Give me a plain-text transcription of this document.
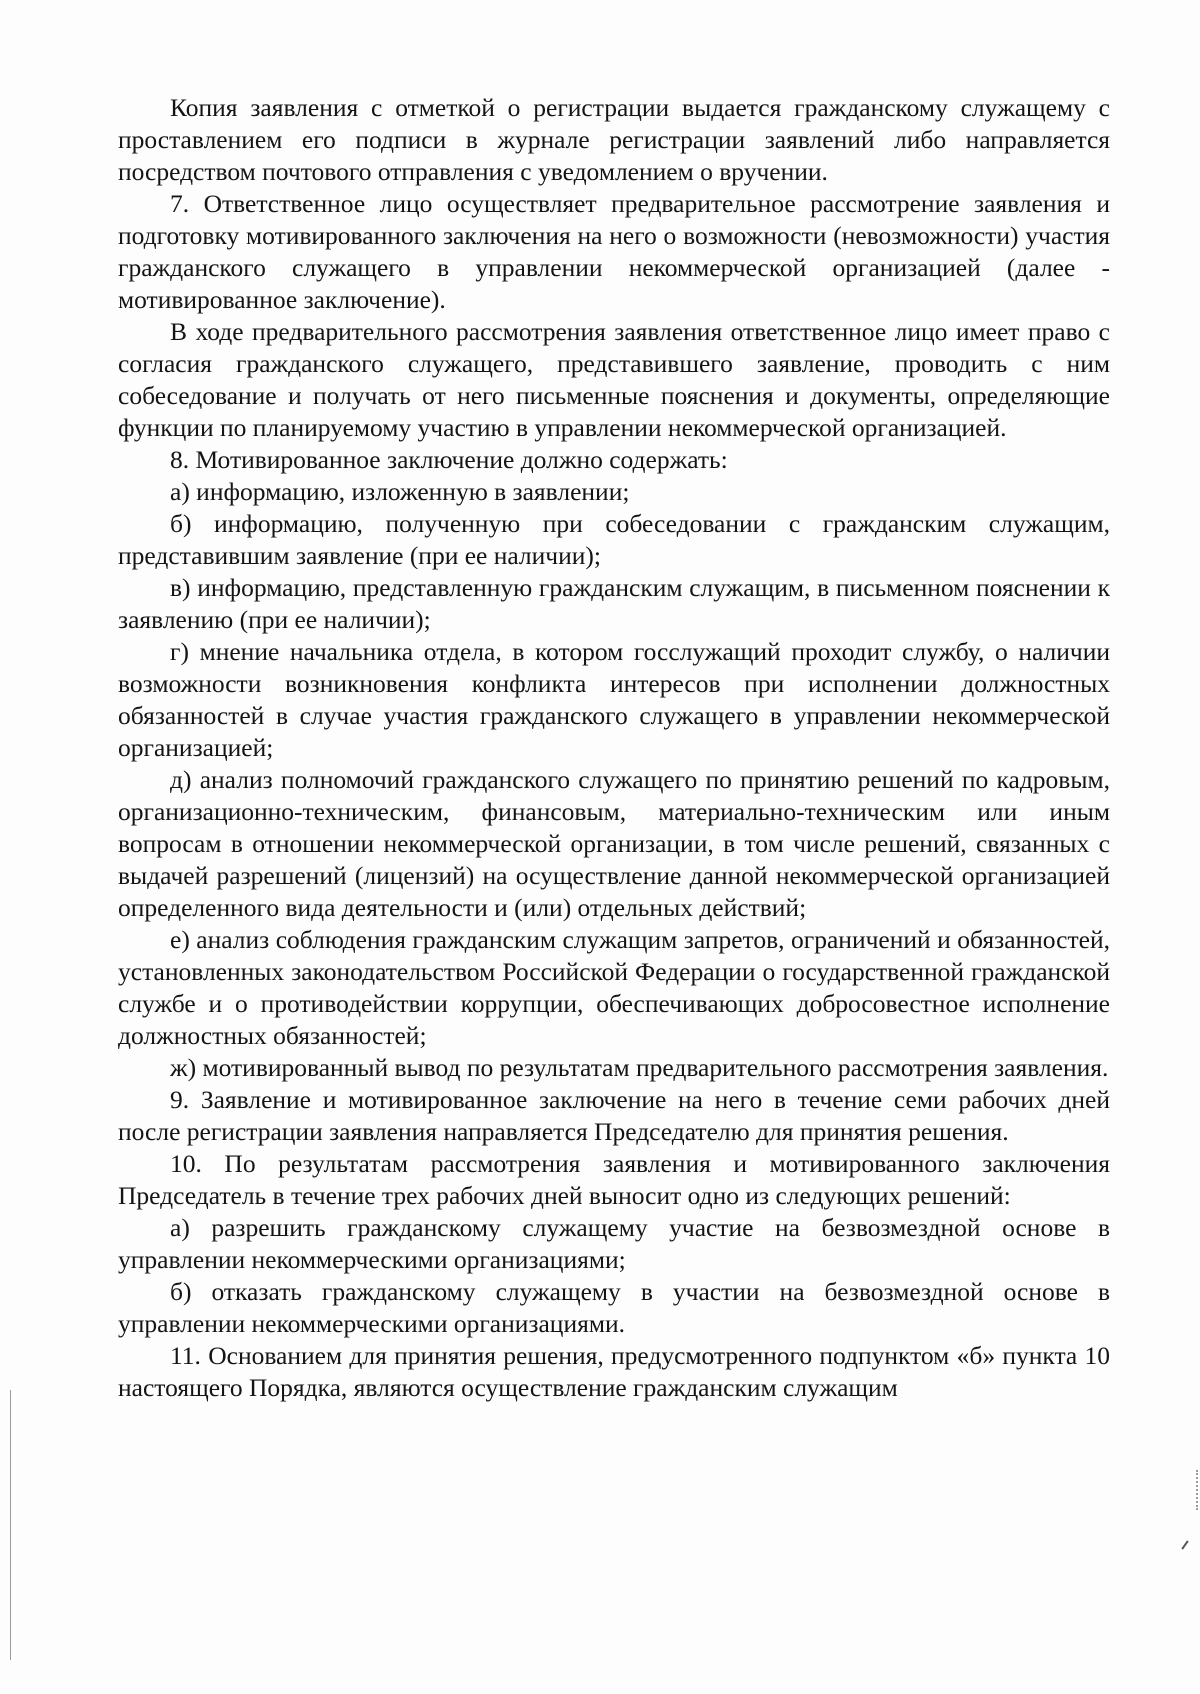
Копия заявления с отметкой о регистрации выдается гражданскому служащему с проставлением его подписи в журнале регистрации заявлений либо направляется посредством почтового отправления с уведомлением о вручении.

7. Ответственное лицо осуществляет предварительное рассмотрение заявления и подготовку мотивированного заключения на него о возможности (невозможности) участия гражданского служащего в управлении некоммерческой организацией (далее - мотивированное заключение).

В ходе предварительного рассмотрения заявления ответственное лицо имеет право с согласия гражданского служащего, представившего заявление, проводить с ним собеседование и получать от него письменные пояснения и документы, определяющие функции по планируемому участию в управлении некоммерческой организацией.

8. Мотивированное заключение должно содержать:

а) информацию, изложенную в заявлении;

б) информацию, полученную при собеседовании с гражданским служащим, представившим заявление (при ее наличии);

в) информацию, представленную гражданским служащим, в письменном пояснении к заявлению (при ее наличии);

г) мнение начальника отдела, в котором госслужащий проходит службу, о наличии возможности возникновения конфликта интересов при исполнении должностных обязанностей в случае участия гражданского служащего в управлении некоммерческой организацией;

д) анализ полномочий гражданского служащего по принятию решений по кадровым, организационно-техническим, финансовым, материально-техническим или иным вопросам в отношении некоммерческой организации, в том числе решений, связанных с выдачей разрешений (лицензий) на осуществление данной некоммерческой организацией определенного вида деятельности и (или) отдельных действий;

е) анализ соблюдения гражданским служащим запретов, ограничений и обязанностей, установленных законодательством Российской Федерации о государственной гражданской службе и о противодействии коррупции, обеспечивающих добросовестное исполнение должностных обязанностей;

ж) мотивированный вывод по результатам предварительного рассмотрения заявления.

9. Заявление и мотивированное заключение на него в течение семи рабочих дней после регистрации заявления направляется Председателю для принятия решения.

10. По результатам рассмотрения заявления и мотивированного заключения Председатель в течение трех рабочих дней выносит одно из следующих решений:

а) разрешить гражданскому служащему участие на безвозмездной основе в управлении некоммерческими организациями;

б) отказать гражданскому служащему в участии на безвозмездной основе в управлении некоммерческими организациями.

11. Основанием для принятия решения, предусмотренного подпунктом «б» пункта 10 настоящего Порядка, являются осуществление гражданским служащим
